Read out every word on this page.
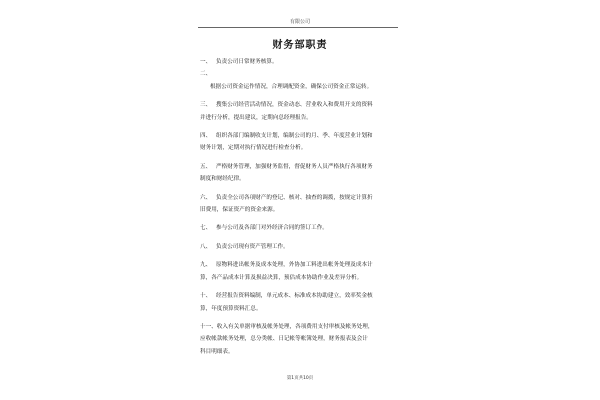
有限公司
财务部职责
一、 负责公司日常财务核算。
二、
根据公司资金运作情况，合理调配资金，确保公司资金正常运转。
三、 搜集公司经营活动情况，资金动态、营业收入和费用开支的资料
并进行分析，提出建议，定期向总经理报告。
四、 组织各部门编制收支计划，编制公司的月、季、年度营业计划和
财务计划，定期对执行情况进行检查分析。
五、 严格财务管理，加强财务监督，督促财务人员严格执行各项财务
制度和财经纪律。
六、 负责全公司各项财产的登记、核对、抽查的调拨，按规定计算折
旧费用，保证资产的资金来源。
七、 参与公司及各部门对外经济合同的签订工作。
八、 负责公司现有资产管理工作。
九、 原物料进出帐务及成本处理，外协加工料进出帐务处理及成本计
算，各产品成本计算及损益决算，预估成本协助作业及差异分析。
十、 经营报告资料编制，单元成本、标准成本协助建立，效率奖金核
算，年度预算资料汇总。
十一、收入有关单据审核及帐务处理，各项费用支付审核及帐务处理，
应收帐款帐务处理，总分类帐、日记帐等帐簿处理，财务报表及会计
科目明细表。
第1页共10页
